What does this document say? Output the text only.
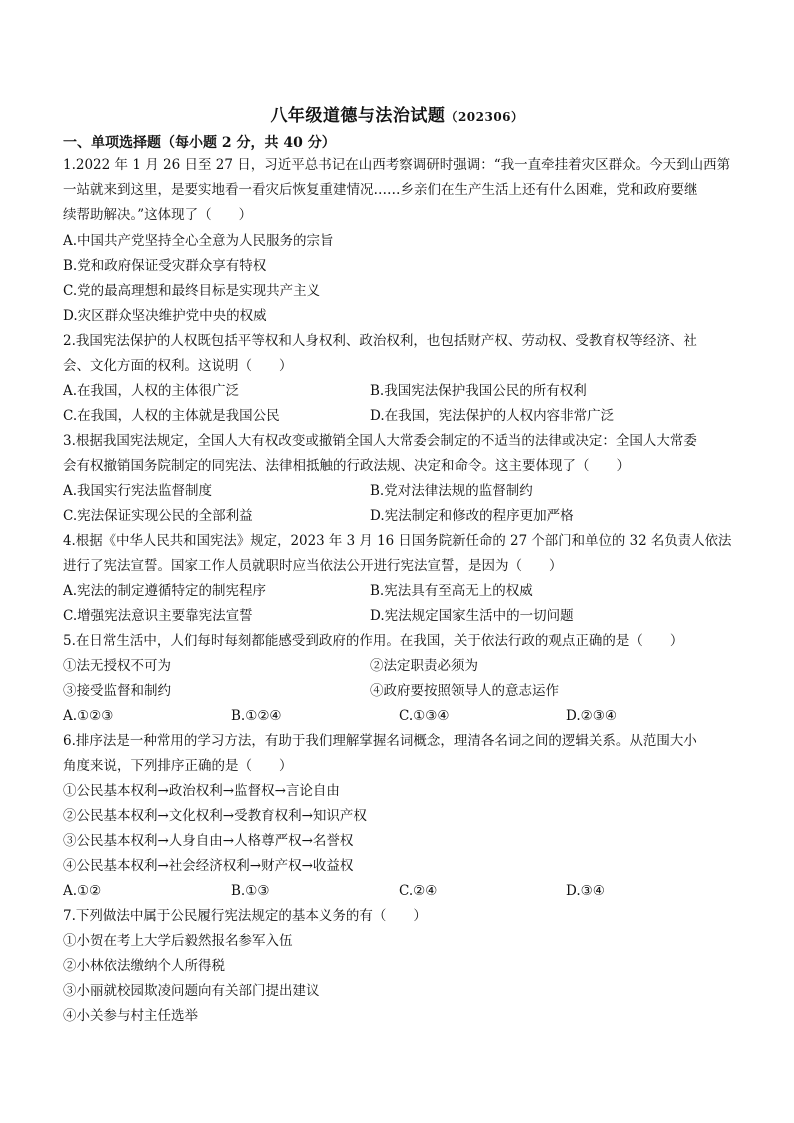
八年级道德与法治试题（202306）
一、单项选择题（每小题 2 分，共 40 分）
1.2022 年 1 月 26 日至 27 日，习近平总书记在山西考察调研时强调：“我一直牵挂着灾区群众。今天到山西第
一站就来到这里，是要实地看一看灾后恢复重建情况……乡亲们在生产生活上还有什么困难，党和政府要继
续帮助解决。”这体现了（　　）
A.中国共产党坚持全心全意为人民服务的宗旨
B.党和政府保证受灾群众享有特权
C.党的最高理想和最终目标是实现共产主义
D.灾区群众坚决维护党中央的权威
2.我国宪法保护的人权既包括平等权和人身权利、政治权利，也包括财产权、劳动权、受教育权等经济、社
会、文化方面的权利。这说明（　　）
A.在我国，人权的主体很广泛	B.我国宪法保护我国公民的所有权利
C.在我国，人权的主体就是我国公民	D.在我国，宪法保护的人权内容非常广泛
3.根据我国宪法规定，全国人大有权改变或撤销全国人大常委会制定的不适当的法律或决定：全国人大常委
会有权撤销国务院制定的同宪法、法律相抵触的行政法规、决定和命令。这主要体现了（　　）
A.我国实行宪法监督制度	B.党对法律法规的监督制约
C.宪法保证实现公民的全部利益	D.宪法制定和修改的程序更加严格
4.根据《中华人民共和国宪法》规定，2023 年 3 月 16 日国务院新任命的 27 个部门和单位的 32 名负责人依法
进行了宪法宣誓。国家工作人员就职时应当依法公开进行宪法宣誓，是因为（　　）
A.宪法的制定遵循特定的制宪程序	B.宪法具有至高无上的权威
C.增强宪法意识主要靠宪法宣誓	D.宪法规定国家生活中的一切问题
5.在日常生活中，人们每时每刻都能感受到政府的作用。在我国，关于依法行政的观点正确的是（　　）
①法无授权不可为	②法定职责必须为
③接受监督和制约	④政府要按照领导人的意志运作
A.①②③	B.①②④	C.①③④	D.②③④
6.排序法是一种常用的学习方法，有助于我们理解掌握名词概念，理清各名词之间的逻辑关系。从范围大小
角度来说，下列排序正确的是（　　）
①公民基本权利→政治权利→监督权→言论自由
②公民基本权利→文化权利→受教育权利→知识产权
③公民基本权利→人身自由→人格尊严权→名誉权
④公民基本权利→社会经济权利→财产权→收益权
A.①②	B.①③	C.②④	D.③④
7.下列做法中属于公民履行宪法规定的基本义务的有（　　）
①小贺在考上大学后毅然报名参军入伍
②小林依法缴纳个人所得税
③小丽就校园欺凌问题向有关部门提出建议
④小关参与村主任选举
